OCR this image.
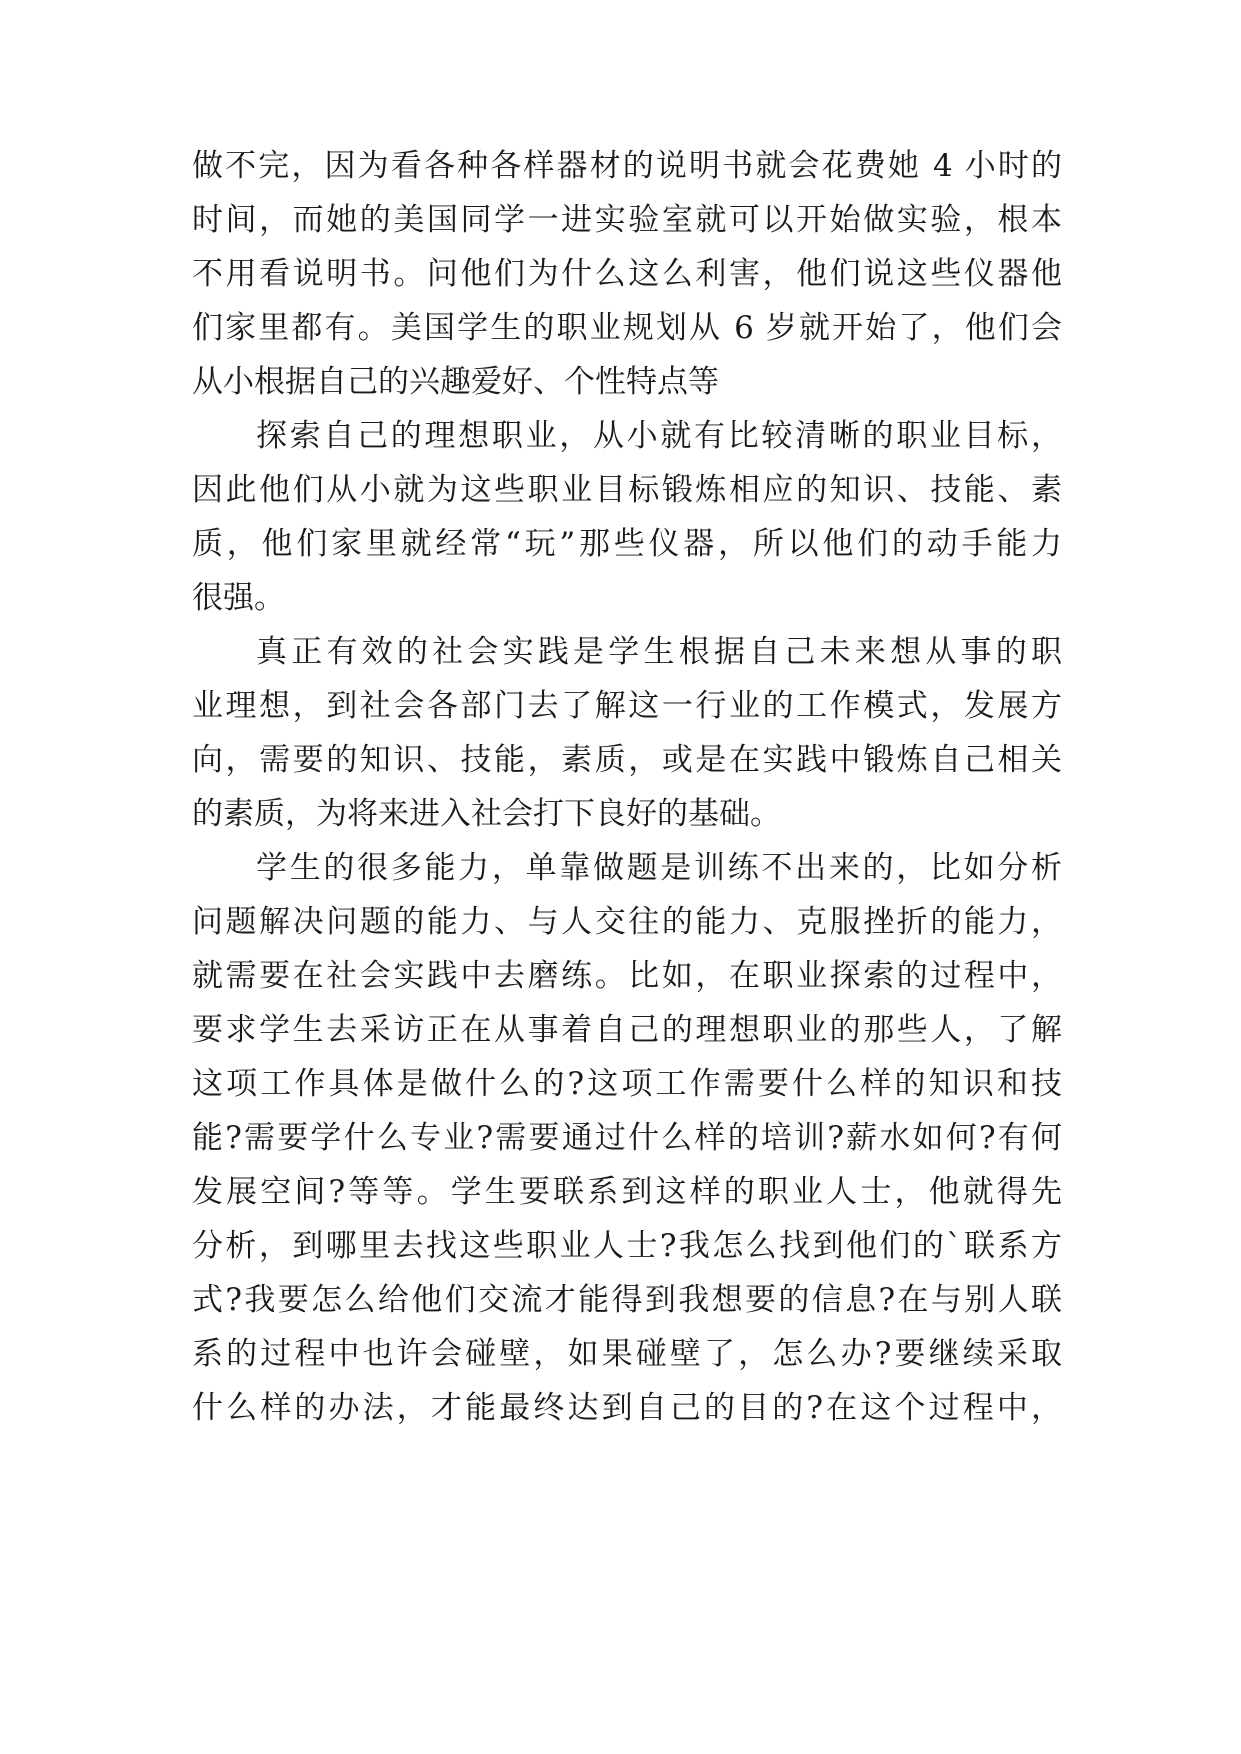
做不完，因为看各种各样器材的说明书就会花费她 4 小时的
时间，而她的美国同学一进实验室就可以开始做实验，根本
不用看说明书。问他们为什么这么利害，他们说这些仪器他
们家里都有。美国学生的职业规划从 6 岁就开始了，他们会
从小根据自己的兴趣爱好、个性特点等
探索自己的理想职业，从小就有比较清晰的职业目标，
因此他们从小就为这些职业目标锻炼相应的知识、技能、素
质，他们家里就经常“玩”那些仪器，所以他们的动手能力
很强。
真正有效的社会实践是学生根据自己未来想从事的职
业理想，到社会各部门去了解这一行业的工作模式，发展方
向，需要的知识、技能，素质，或是在实践中锻炼自己相关
的素质，为将来进入社会打下良好的基础。
学生的很多能力，单靠做题是训练不出来的，比如分析
问题解决问题的能力、与人交往的能力、克服挫折的能力，
就需要在社会实践中去磨练。比如，在职业探索的过程中，
要求学生去采访正在从事着自己的理想职业的那些人，了解
这项工作具体是做什么的?这项工作需要什么样的知识和技
能?需要学什么专业?需要通过什么样的培训?薪水如何?有何
发展空间?等等。学生要联系到这样的职业人士，他就得先
分析，到哪里去找这些职业人士?我怎么找到他们的`联系方
式?我要怎么给他们交流才能得到我想要的信息?在与别人联
系的过程中也许会碰壁，如果碰壁了，怎么办?要继续采取
什么样的办法，才能最终达到自己的目的?在这个过程中，
